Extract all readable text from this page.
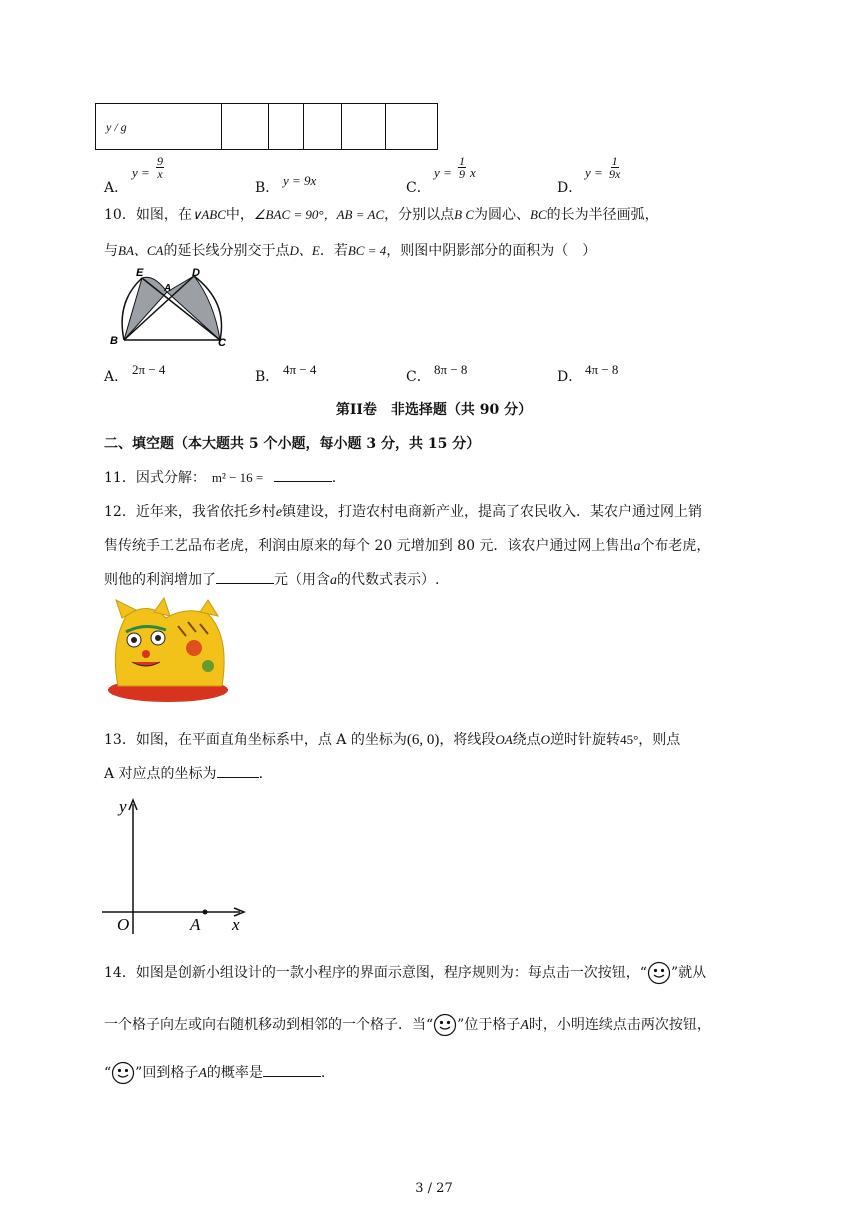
y / g					
A．
$y = \frac{9}{x}$
B． y = 9x	C．
$y = \frac{1}{9}$ x
D．
$y = \frac{1}{9x}$
10．如图，在∨ABC中，∠BAC = 90°，AB = AC，分别以点B C为圆心、BC的长为半径画弧，
与BA、CA的延长线分别交于点D、E．若BC = 4，则图中阴影部分的面积为（　）
E	D
A
B	C
A． 2π − 4	B． 4π − 4	C． 8π − 8	D． 4π − 8
第II卷　非选择题（共 90 分）
二、填空题（本大题共 5 个小题，每小题 3 分，共 15 分）
11．因式分解： m² − 16 =	.
12．近年来，我省依托乡村e镇建设，打造农村电商新产业，提高了农民收入．某农户通过网上销
售传统手工艺品布老虎，利润由原来的每个 20 元增加到 80 元．该农户通过网上售出a个布老虎，
则他的利润增加了	元（用含a的代数式表示）.
13．如图，在平面直角坐标系中，点 A 的坐标为(6, 0)，将线段OA绕点O逆时针旋转45°，则点
A 对应点的坐标为	.
y
x
O	A
14．如图是创新小组设计的一款小程序的界面示意图，程序规则为：每点击一次按钮，“ ”就从
一个格子向左或向右随机移动到相邻的一个格子．当“ ”位于格子A时，小明连续点击两次按钮，
“ ”回到格子A的概率是	.
3 / 27
